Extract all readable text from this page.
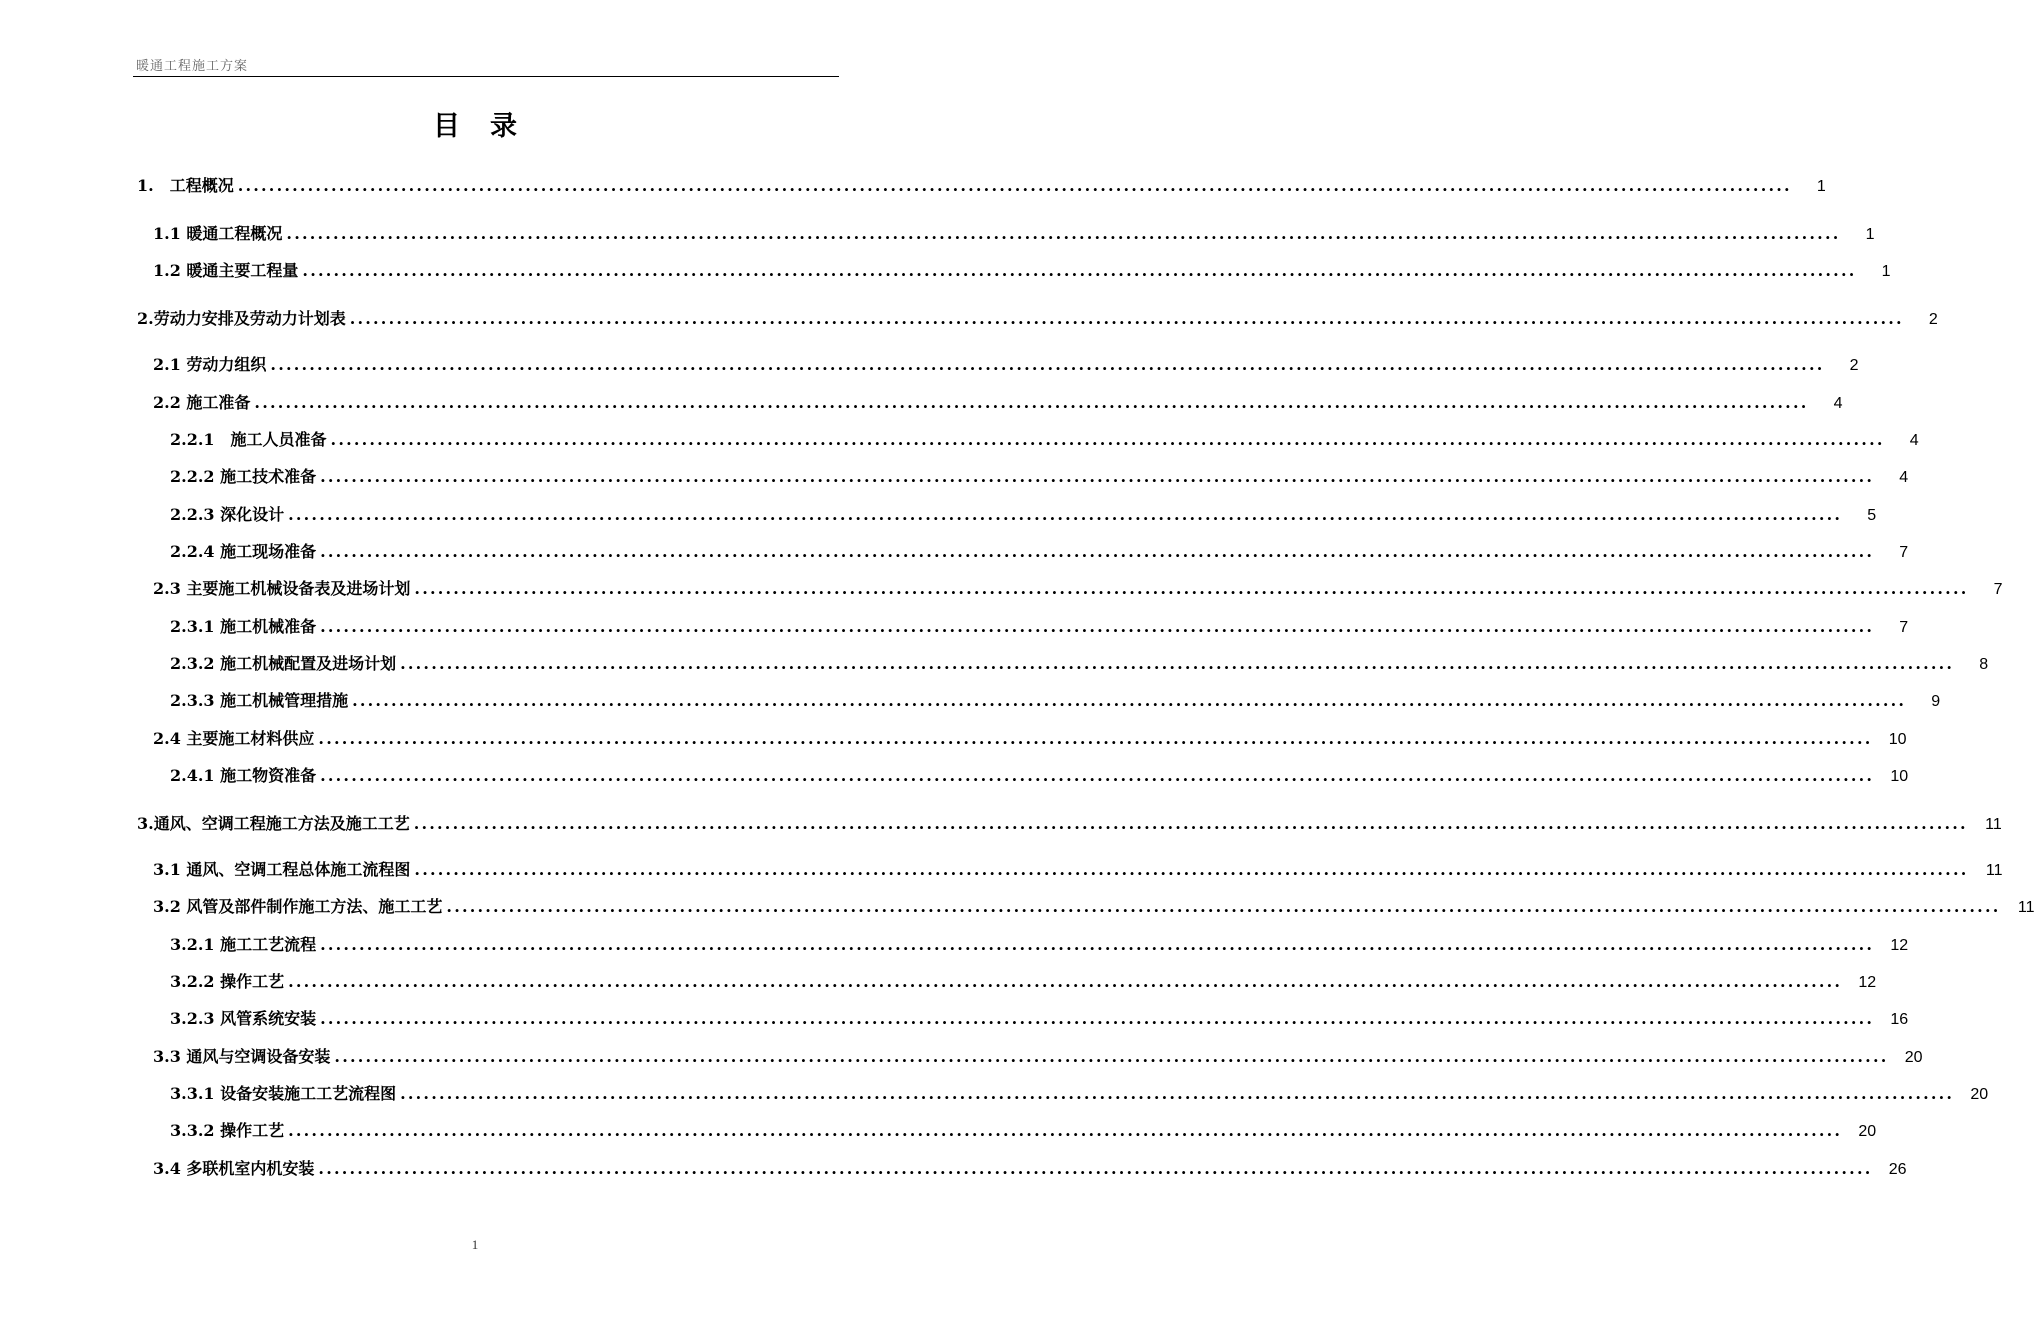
暖通工程施工方案
目录
1.　工程概况 ........................................................................................................................................................................................................	1
1.1 暖通工程概况 ........................................................................................................................................................................................................	1
1.2 暖通主要工程量 ........................................................................................................................................................................................................	1
2.劳动力安排及劳动力计划表 ........................................................................................................................................................................................................	2
2.1 劳动力组织 ........................................................................................................................................................................................................	2
2.2 施工准备 ........................................................................................................................................................................................................	4
2.2.1　施工人员准备 ........................................................................................................................................................................................................	4
2.2.2 施工技术准备 ........................................................................................................................................................................................................	4
2.2.3 深化设计 ........................................................................................................................................................................................................	5
2.2.4 施工现场准备 ........................................................................................................................................................................................................	7
2.3 主要施工机械设备表及进场计划 ........................................................................................................................................................................................................	7
2.3.1 施工机械准备 ........................................................................................................................................................................................................	7
2.3.2 施工机械配置及进场计划 ........................................................................................................................................................................................................	8
2.3.3 施工机械管理措施 ........................................................................................................................................................................................................	9
2.4 主要施工材料供应 ........................................................................................................................................................................................................	10
2.4.1 施工物资准备 ........................................................................................................................................................................................................	10
3.通风、空调工程施工方法及施工工艺 ........................................................................................................................................................................................................	11
3.1 通风、空调工程总体施工流程图 ........................................................................................................................................................................................................	11
3.2 风管及部件制作施工方法、施工工艺 ........................................................................................................................................................................................................	11
3.2.1 施工工艺流程 ........................................................................................................................................................................................................	12
3.2.2 操作工艺 ........................................................................................................................................................................................................	12
3.2.3 风管系统安装 ........................................................................................................................................................................................................	16
3.3 通风与空调设备安装 ........................................................................................................................................................................................................	20
3.3.1 设备安装施工工艺流程图 ........................................................................................................................................................................................................	20
3.3.2 操作工艺 ........................................................................................................................................................................................................	20
3.4 多联机室内机安装 ........................................................................................................................................................................................................	26
1
